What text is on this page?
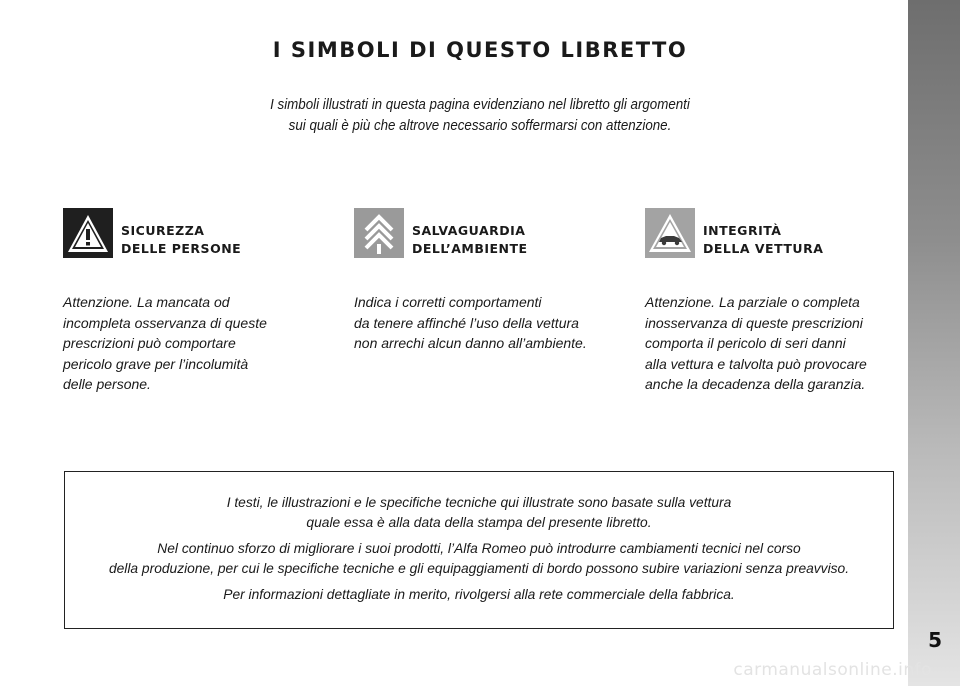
5
I SIMBOLI DI QUESTO LIBRETTO
I simboli illustrati in questa pagina evidenziano nel libretto gli argomenti
sui quali è più che altrove necessario soffermarsi con attenzione.
SICUREZZA
DELLE PERSONE
Attenzione. La mancata od
incompleta osservanza di queste
prescrizioni può comportare
pericolo grave per l’incolumità
delle persone.
SALVAGUARDIA
DELL’AMBIENTE
Indica i corretti comportamenti
da tenere affinché l’uso della vettura
non arrechi alcun danno all’ambiente.
INTEGRITÀ
DELLA VETTURA
Attenzione. La parziale o completa
inosservanza di queste prescrizioni
comporta il pericolo di seri danni
alla vettura e talvolta può provocare
anche la decadenza della garanzia.
I testi, le illustrazioni e le specifiche tecniche qui illustrate sono basate sulla vettura
quale essa è alla data della stampa del presente libretto.
Nel continuo sforzo di migliorare i suoi prodotti, l’Alfa Romeo può introdurre cambiamenti tecnici nel corso
della produzione, per cui le specifiche tecniche e gli equipaggiamenti di bordo possono subire variazioni senza preavviso.
Per informazioni dettagliate in merito, rivolgersi alla rete commerciale della fabbrica.
carmanualsonline.info
